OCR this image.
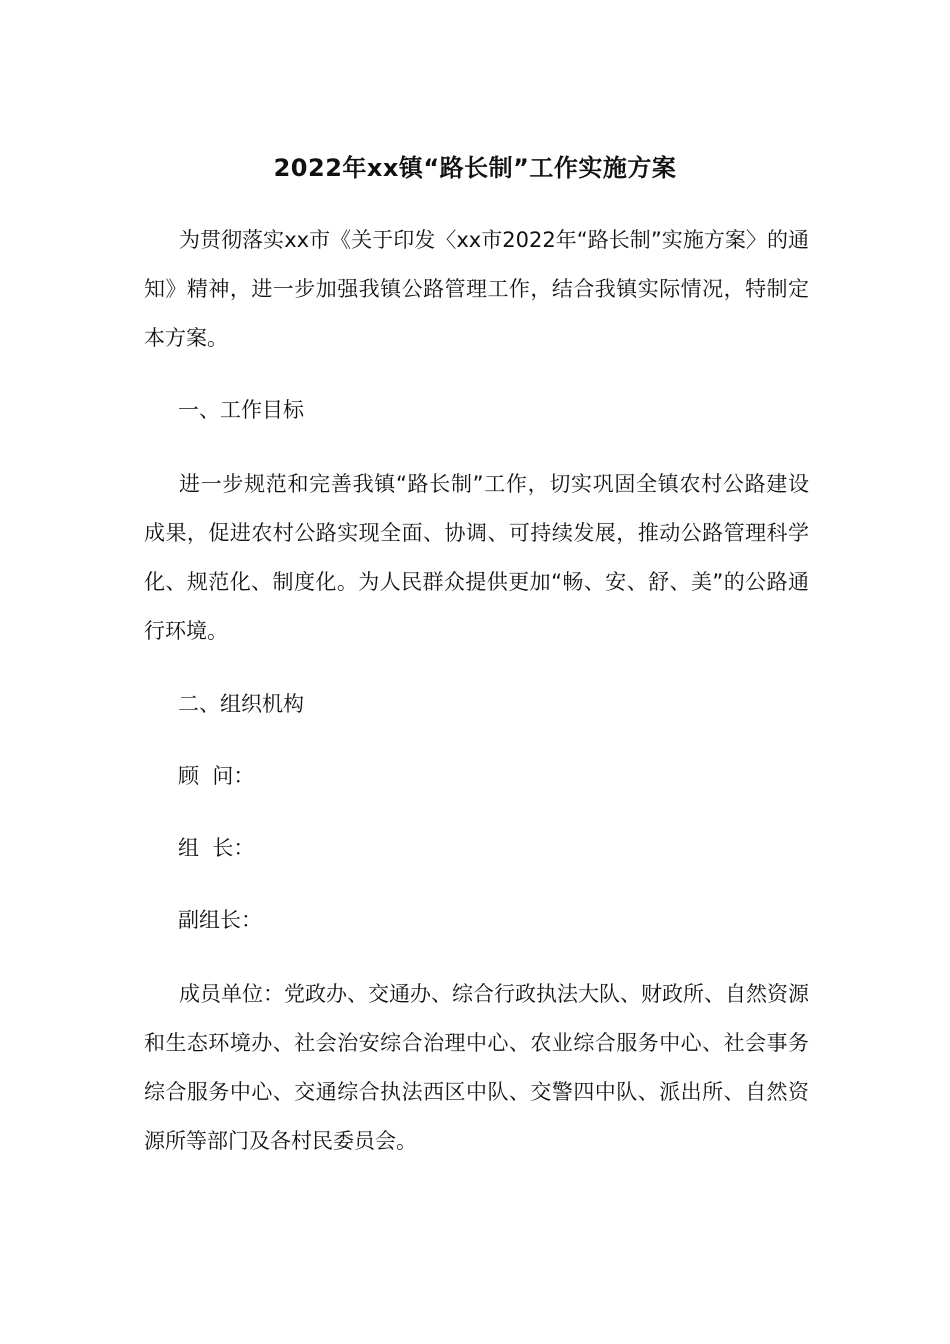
2022年xx镇“路长制”工作实施方案

为贯彻落实xx市《关于印发〈xx市2022年“路长制”实施方案〉的通知》精神，进一步加强我镇公路管理工作，结合我镇实际情况，特制定本方案。

一、工作目标

进一步规范和完善我镇“路长制”工作，切实巩固全镇农村公路建设成果，促进农村公路实现全面、协调、可持续发展，推动公路管理科学化、规范化、制度化。为人民群众提供更加“畅、安、舒、美”的公路通行环境。

二、组织机构

顾  问：

组  长：

副组长：

成员单位：党政办、交通办、综合行政执法大队、财政所、自然资源和生态环境办、社会治安综合治理中心、农业综合服务中心、社会事务综合服务中心、交通综合执法西区中队、交警四中队、派出所、自然资源所等部门及各村民委员会。
